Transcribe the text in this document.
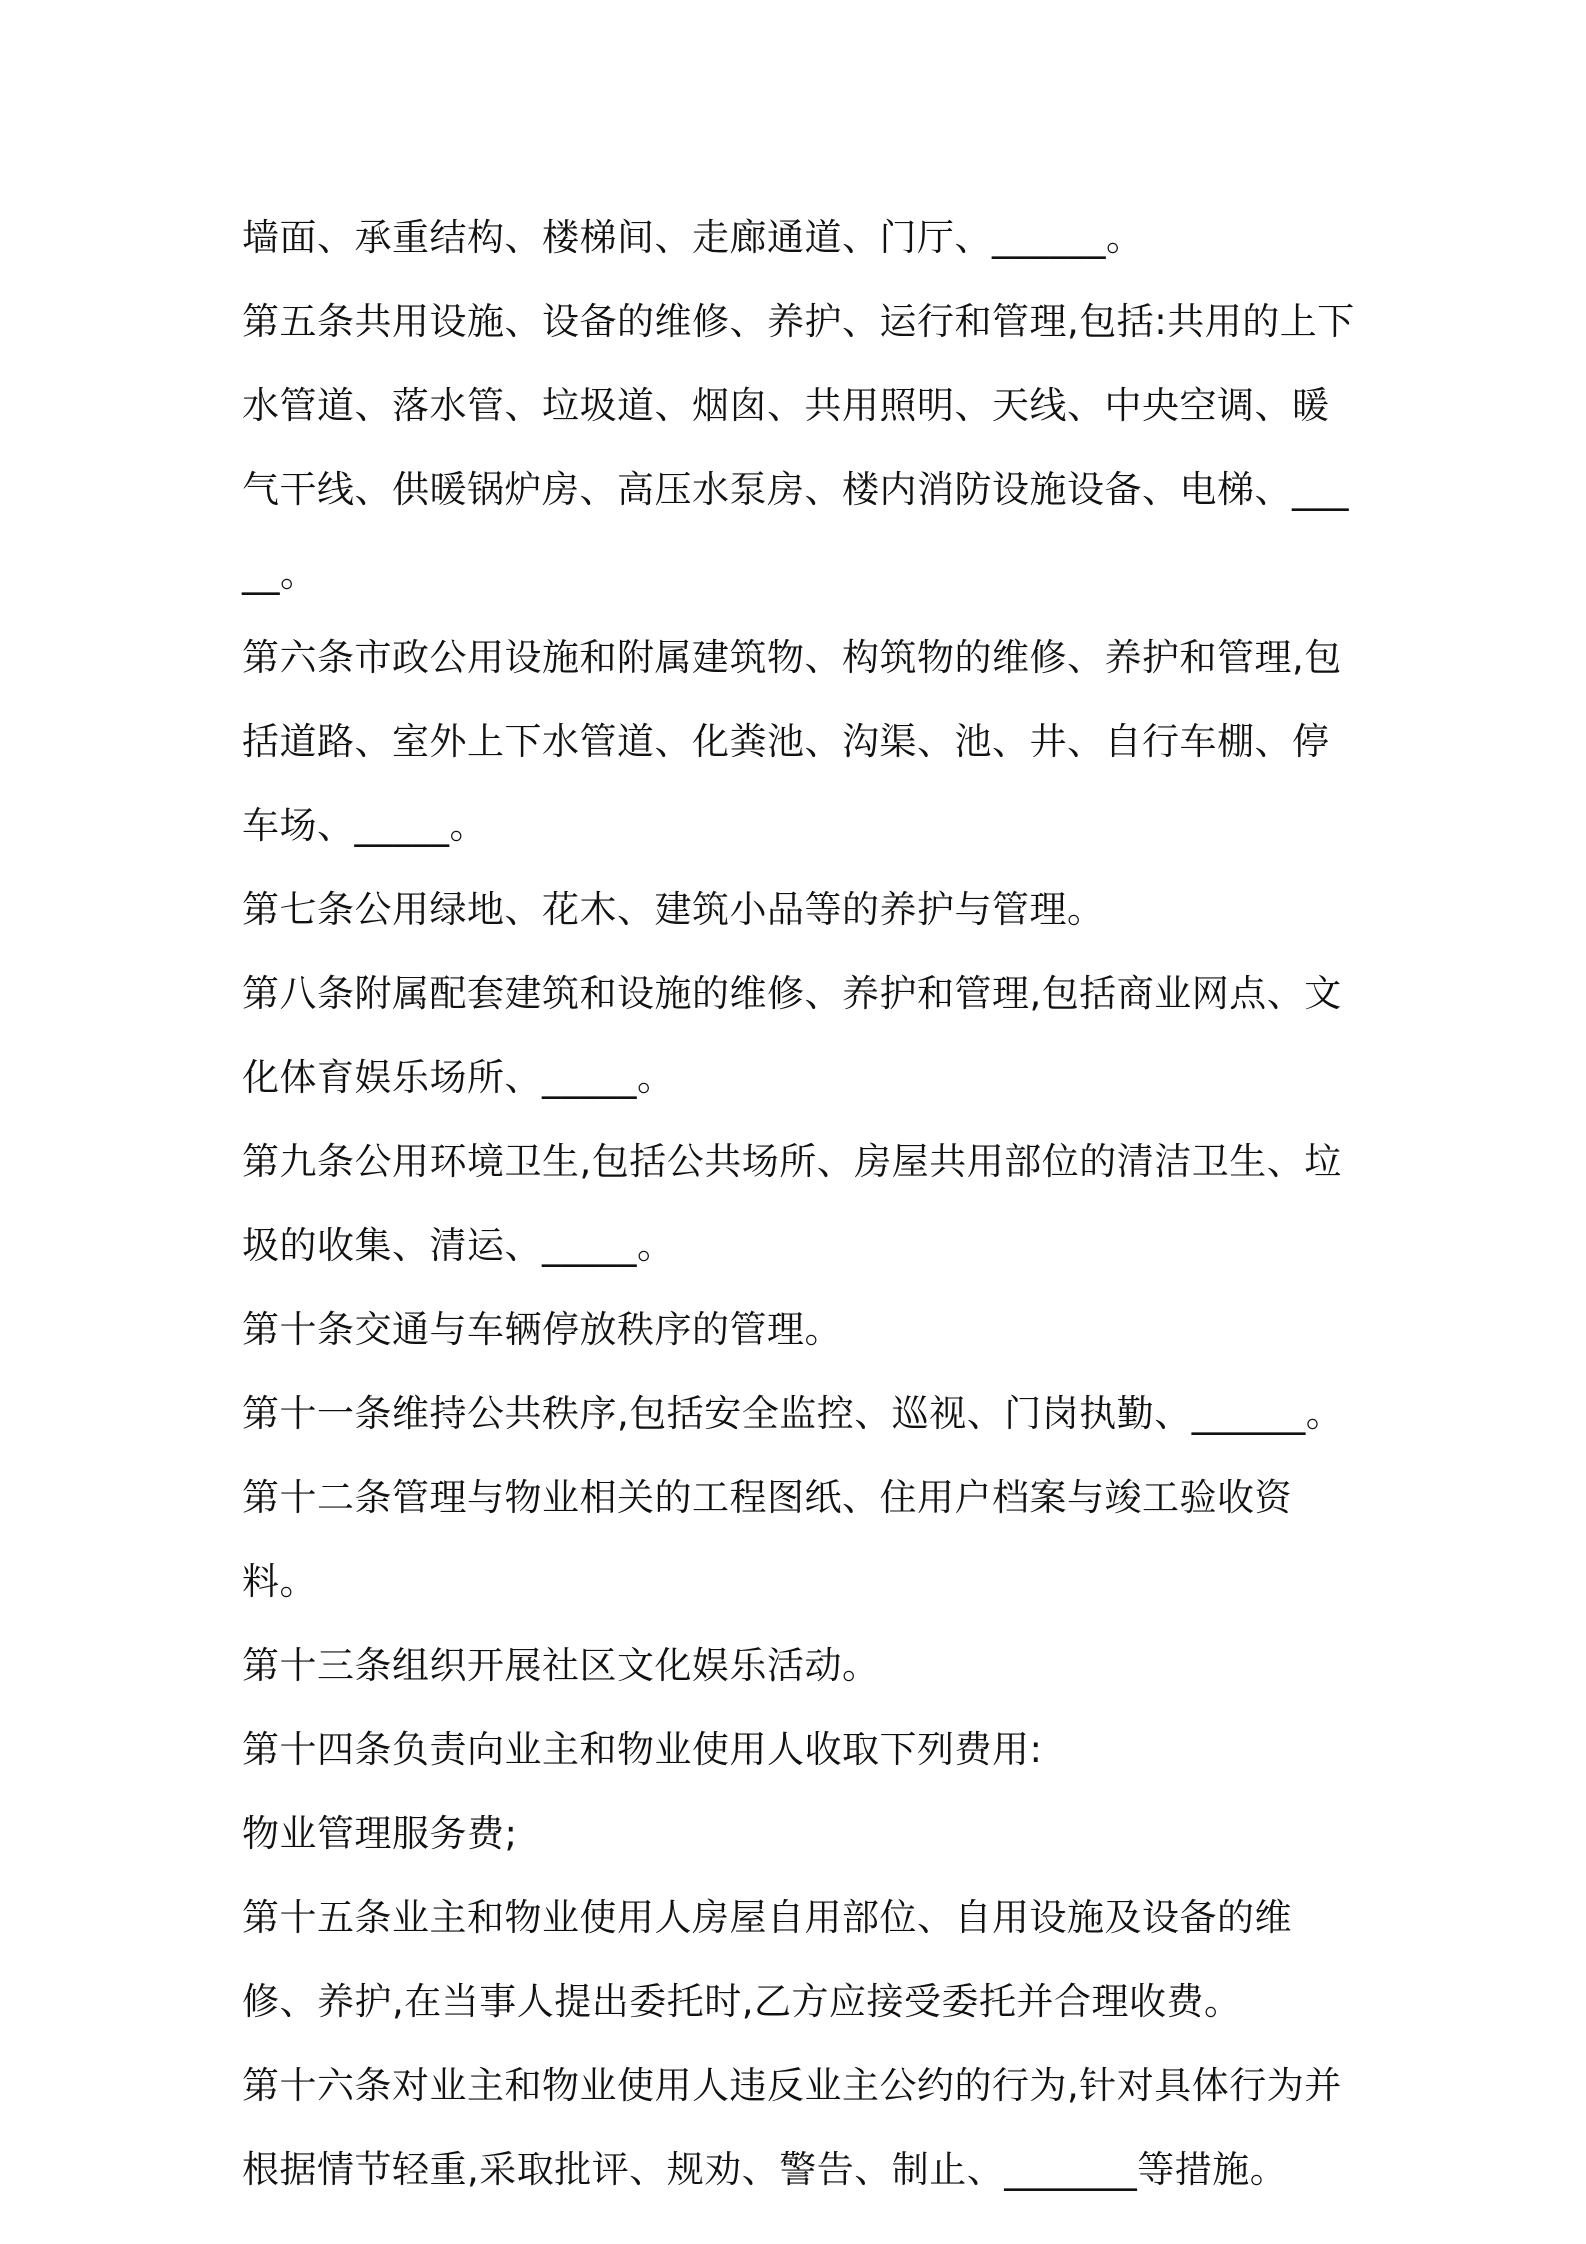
墙面、承重结构、楼梯间、走廊通道、门厅、______。

第五条共用设施、设备的维修、养护、运行和管理,包括:共用的上下水管道、落水管、垃圾道、烟囱、共用照明、天线、中央空调、暖气干线、供暖锅炉房、高压水泵房、楼内消防设施设备、电梯、_____。

第六条市政公用设施和附属建筑物、构筑物的维修、养护和管理,包括道路、室外上下水管道、化粪池、沟渠、池、井、自行车棚、停车场、_____。

第七条公用绿地、花木、建筑小品等的养护与管理。

第八条附属配套建筑和设施的维修、养护和管理,包括商业网点、文化体育娱乐场所、_____。

第九条公用环境卫生,包括公共场所、房屋共用部位的清洁卫生、垃圾的收集、清运、_____。

第十条交通与车辆停放秩序的管理。

第十一条维持公共秩序,包括安全监控、巡视、门岗执勤、______。

第十二条管理与物业相关的工程图纸、住用户档案与竣工验收资料。

第十三条组织开展社区文化娱乐活动。

第十四条负责向业主和物业使用人收取下列费用:

物业管理服务费;

第十五条业主和物业使用人房屋自用部位、自用设施及设备的维修、养护,在当事人提出委托时,乙方应接受委托并合理收费。

第十六条对业主和物业使用人违反业主公约的行为,针对具体行为并根据情节轻重,采取批评、规劝、警告、制止、_______等措施。
